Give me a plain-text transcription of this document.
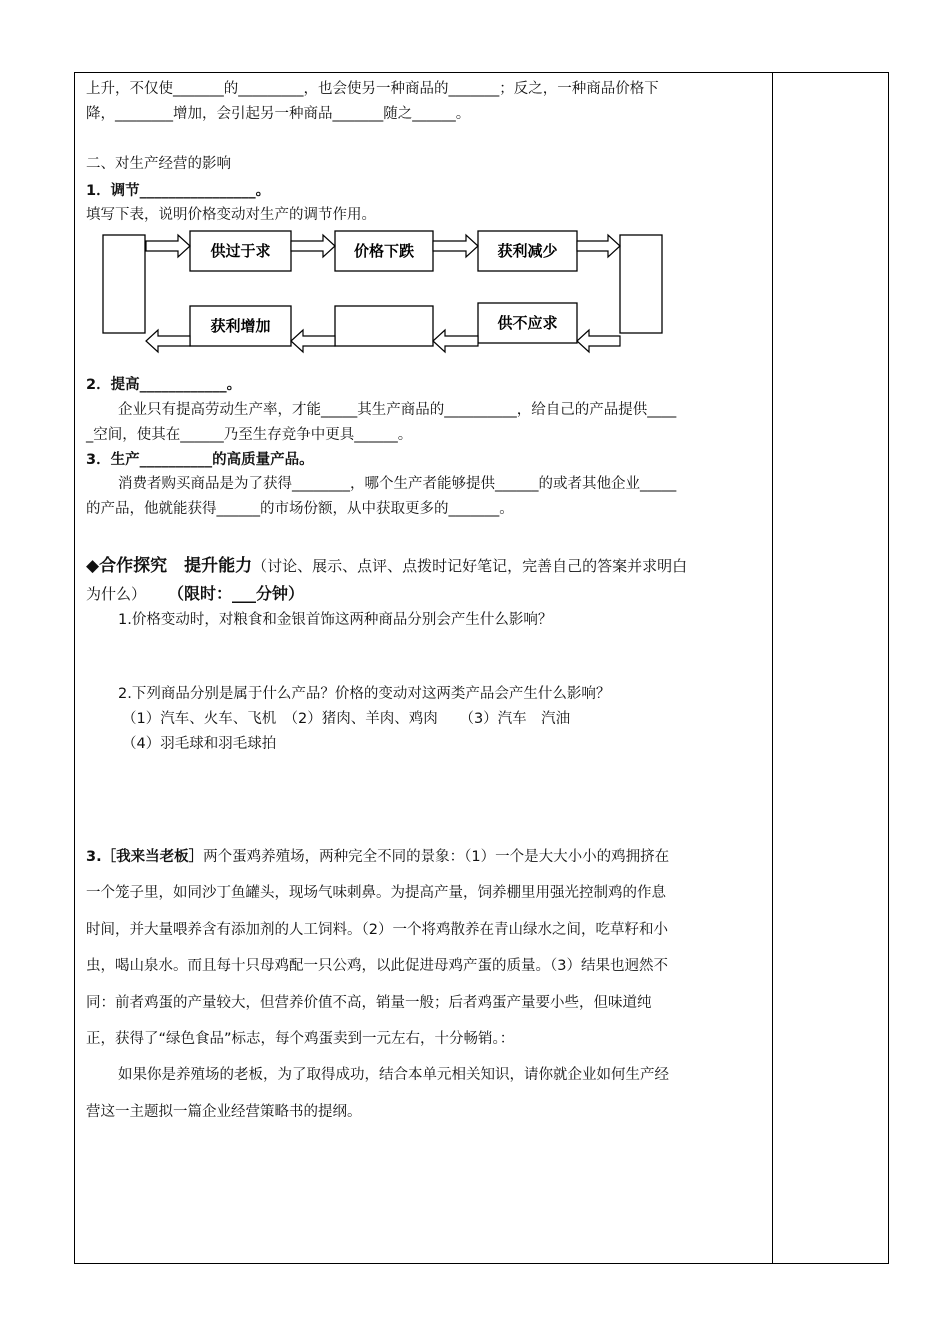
上升，不仅使_______的_________，也会使另一种商品的_______；反之，一种商品价格下
降，________增加，会引起另一种商品_______随之______。
二、对生产经营的影响
1．调节________________。
填写下表，说明价格变动对生产的调节作用。
供过于求	价格下跌	获利减少
获利增加	供不应求
2．提高____________。
企业只有提高劳动生产率，才能_____其生产商品的__________，给自己的产品提供____
_空间，使其在______乃至生存竞争中更具______。
3．生产__________的高质量产品。
消费者购买商品是为了获得________，哪个生产者能够提供______的或者其他企业_____
的产品，他就能获得______的市场份额，从中获取更多的_______。
◆合作探究　提升能力（讨论、展示、点评、点拨时记好笔记，完善自己的答案并求明白
为什么） （限时：___分钟）
1.价格变动时，对粮食和金银首饰这两种商品分别会产生什么影响？
2.下列商品分别是属于什么产品？价格的变动对这两类产品会产生什么影响？
（1）汽车、火车、飞机　（2）猪肉、羊肉、鸡肉　　（3）汽车　汽油
（4）羽毛球和羽毛球拍
3.［我来当老板］两个蛋鸡养殖场，两种完全不同的景象：（1）一个是大大小小的鸡拥挤在
一个笼子里，如同沙丁鱼罐头，现场气味刺鼻。为提高产量，饲养棚里用强光控制鸡的作息
时间，并大量喂养含有添加剂的人工饲料。（2）一个将鸡散养在青山绿水之间，吃草籽和小
虫，喝山泉水。而且每十只母鸡配一只公鸡，以此促进母鸡产蛋的质量。（3）结果也迥然不
同：前者鸡蛋的产量较大，但营养价值不高，销量一般；后者鸡蛋产量要小些，但味道纯
正，获得了“绿色食品”标志，每个鸡蛋卖到一元左右，十分畅销。：
如果你是养殖场的老板，为了取得成功，结合本单元相关知识，请你就企业如何生产经
营这一主题拟一篇企业经营策略书的提纲。
